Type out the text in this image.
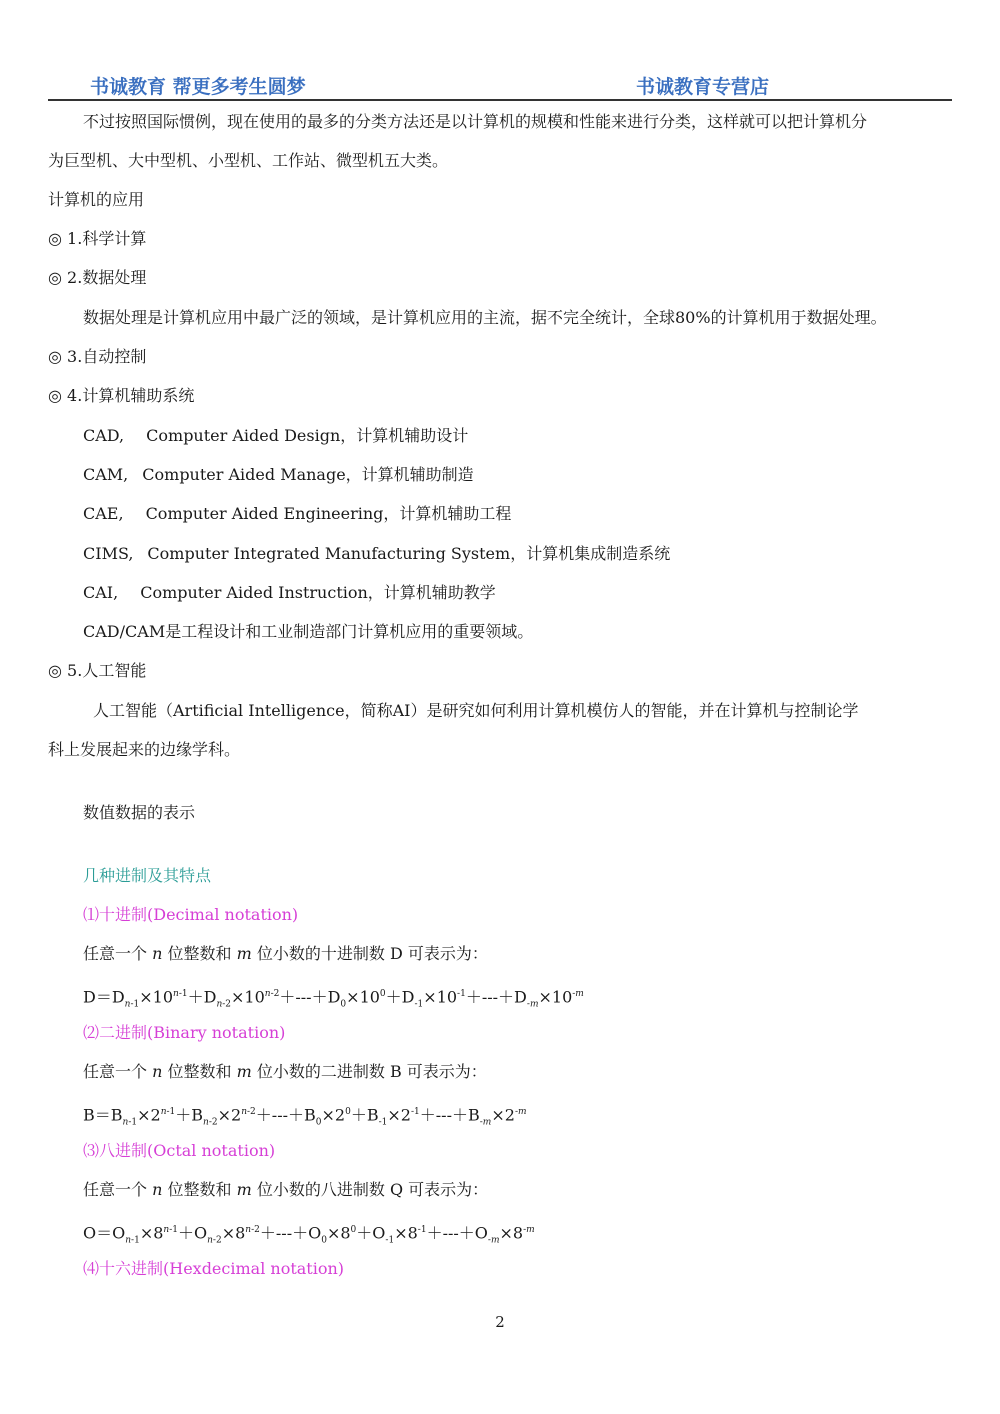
书诚教育 帮更多考生圆梦	书诚教育专营店
不过按照国际惯例，现在使用的最多的分类方法还是以计算机的规模和性能来进行分类，这样就可以把计算机分
为巨型机、大中型机、小型机、工作站、微型机五大类。
计算机的应用
◎ 1.科学计算
◎ 2.数据处理
数据处理是计算机应用中最广泛的领域，是计算机应用的主流，据不完全统计，全球80%的计算机用于数据处理。
◎ 3.自动控制
◎ 4.计算机辅助系统
CAD, Computer Aided Design，计算机辅助设计
CAM, Computer Aided Manage，计算机辅助制造
CAE, Computer Aided Engineering，计算机辅助工程
CIMS, Computer Integrated Manufacturing System，计算机集成制造系统
CAI, Computer Aided Instruction，计算机辅助教学
CAD/CAM是工程设计和工业制造部门计算机应用的重要领域。
◎ 5.人工智能
人工智能（Artificial Intelligence，简称AI）是研究如何利用计算机模仿人的智能，并在计算机与控制论学
科上发展起来的边缘学科。
数值数据的表示
几种进制及其特点
⑴十进制(Decimal notation)
任意一个 n 位整数和 m 位小数的十进制数 D 可表示为：
$D=D_{n-1}\times 10^{n-1}+D_{n-2}\times 10^{n-2}+---+D_0\times 10^0+D_{-1}\times 10^{-1}+---+D_{-m}\times 10^{-m}$
⑵二进制(Binary notation)
任意一个 n 位整数和 m 位小数的二进制数 B 可表示为：
$B=B_{n-1}\times 2^{n-1}+B_{n-2}\times 2^{n-2}+---+B_0\times 2^0+B_{-1}\times 2^{-1}+---+B_{-m}\times 2^{-m}$
⑶八进制(Octal notation)
任意一个 n 位整数和 m 位小数的八进制数 Q 可表示为：
$O=O_{n-1}\times 8^{n-1}+O_{n-2}\times 8^{n-2}+---+O_0\times 8^0+O_{-1}\times 8^{-1}+---+O_{-m}\times 8^{-m}$
⑷十六进制(Hexdecimal notation)
2
